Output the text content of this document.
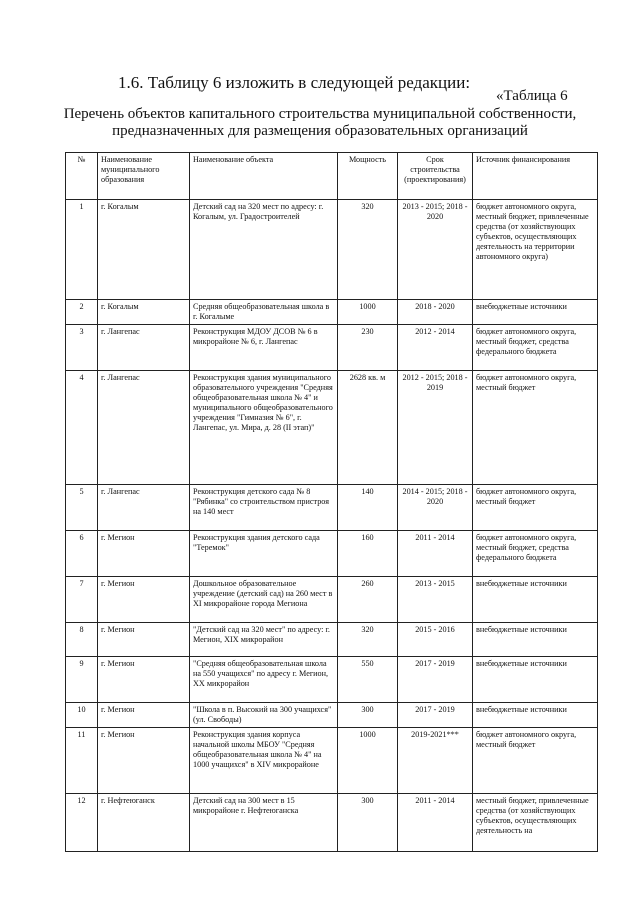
1.6. Таблицу 6 изложить в следующей редакции:

«Таблица 6
Перечень объектов капитального строительства муниципальной собственности,
предназначенных для размещения образовательных организаций
№	Наименование муниципального образования	Наименование объекта	Мощность	Срок строительства (проектирования)	Источник финансирования
1	г. Когалым	Детский сад на 320 мест по адресу: г. Когалым, ул. Градостроителей	320	2013 - 2015; 2018 - 2020	бюджет автономного округа, местный бюджет, привлеченные средства (от хозяйствующих субъектов, осуществляющих деятельность на территории автономного округа)
2	г. Когалым	Средняя общеобразовательная школа в г. Когалыме	1000	2018 - 2020	внебюджетные источники
3	г. Лангепас	Реконструкция МДОУ ДСОВ № 6 в микрорайоне № 6, г. Лангепас	230	2012 - 2014	бюджет автономного округа, местный бюджет, средства федерального бюджета
4	г. Лангепас	Реконструкция здания муниципального образовательного учреждения "Средняя общеобразовательная школа № 4" и муниципального общеобразовательного учреждения "Гимназия № 6", г. Лангепас, ул. Мира, д. 28 (II этап)"	2628 кв. м	2012 - 2015; 2018 - 2019	бюджет автономного округа, местный бюджет
5	г. Лангепас	Реконструкция детского сада № 8 "Рябинка" со строительством пристроя на 140 мест	140	2014 - 2015; 2018 - 2020	бюджет автономного округа, местный бюджет
6	г. Мегион	Реконструкция здания детского сада "Теремок"	160	2011 - 2014	бюджет автономного округа, местный бюджет, средства федерального бюджета
7	г. Мегион	Дошкольное образовательное учреждение (детский сад) на 260 мест в XI микрорайоне города Мегиона	260	2013 - 2015	внебюджетные источники
8	г. Мегион	"Детский сад на 320 мест" по адресу: г. Мегион, XIX микрорайон	320	2015 - 2016	внебюджетные источники
9	г. Мегион	"Средняя общеобразовательная школа на 550 учащихся" по адресу г. Мегион, XX микрорайон	550	2017 - 2019	внебюджетные источники
10	г. Мегион	"Школа в п. Высокий на 300 учащихся" (ул. Свободы)	300	2017 - 2019	внебюджетные источники
11	г. Мегион	Реконструкция здания корпуса начальной школы МБОУ "Средняя общеобразовательная школа № 4" на 1000 учащихся" в XIV микрорайоне	1000	2019-2021***	бюджет автономного округа, местный бюджет
12	г. Нефтеюганск	Детский сад на 300 мест в 15 микрорайоне г. Нефтеюганска	300	2011 - 2014	местный бюджет, привлеченные средства (от хозяйствующих субъектов, осуществляющих деятельность на
